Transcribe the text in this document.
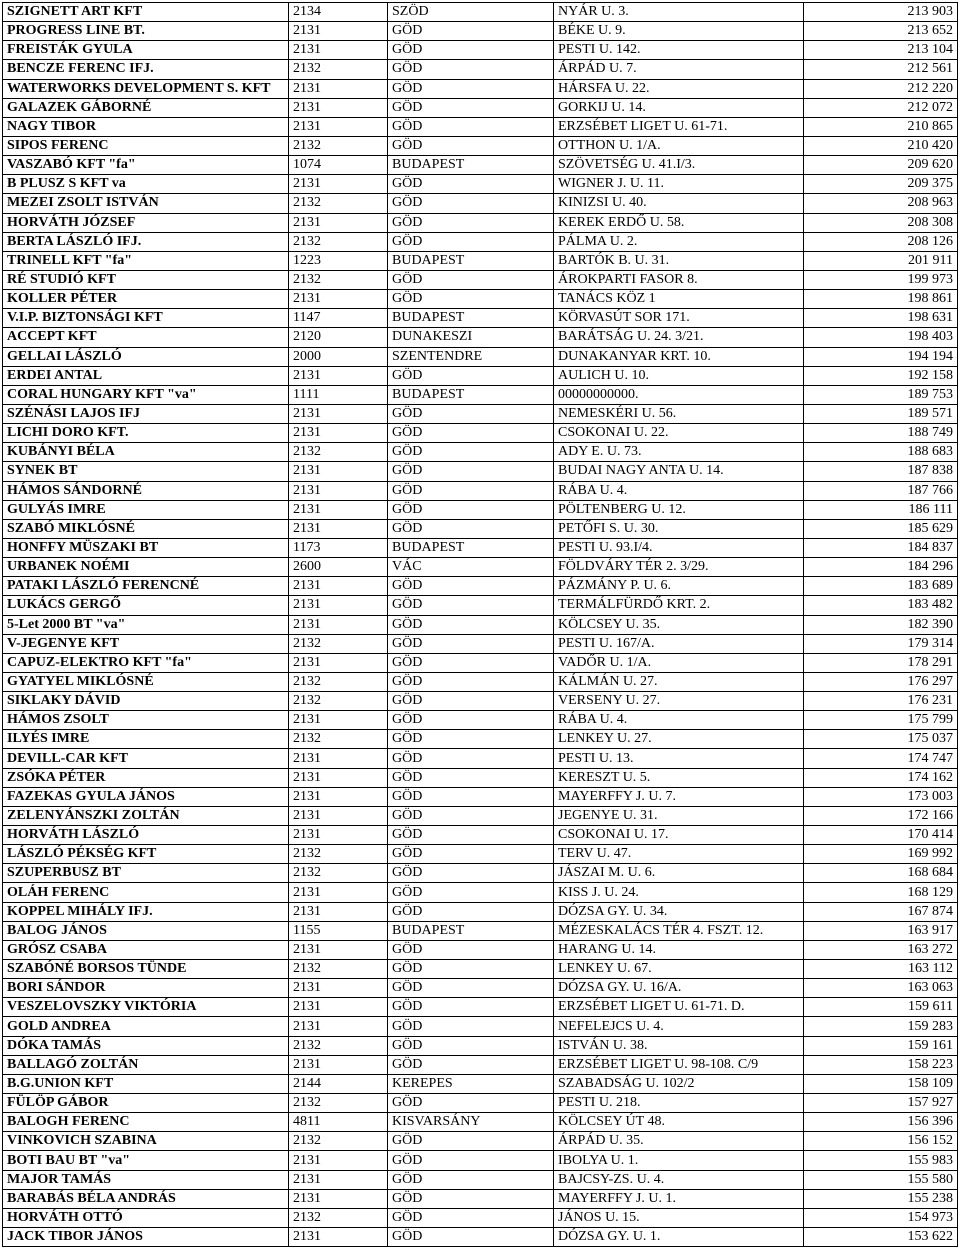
SZIGNETT ART KFT	2134	SZÖD	NYÁR U. 3.	213 903
PROGRESS LINE BT.	2131	GÖD	BÉKE U. 9.	213 652
FREISTÁK GYULA	2131	GÖD	PESTI U. 142.	213 104
BENCZE FERENC IFJ.	2132	GÖD	ÁRPÁD U. 7.	212 561
WATERWORKS DEVELOPMENT S. KFT	2131	GÖD	HÁRSFA U. 22.	212 220
GALAZEK GÁBORNÉ	2131	GÖD	GORKIJ U. 14.	212 072
NAGY TIBOR	2131	GÖD	ERZSÉBET LIGET U. 61-71.	210 865
SIPOS FERENC	2132	GÖD	OTTHON U. 1/A.	210 420
VASZABÓ KFT "fa"	1074	BUDAPEST	SZÖVETSÉG U. 41.I/3.	209 620
B PLUSZ S KFT va	2131	GÖD	WIGNER J. U. 11.	209 375
MEZEI ZSOLT ISTVÁN	2132	GÖD	KINIZSI U. 40.	208 963
HORVÁTH JÓZSEF	2131	GÖD	KEREK ERDŐ U. 58.	208 308
BERTA LÁSZLÓ IFJ.	2132	GÖD	PÁLMA U. 2.	208 126
TRINELL KFT "fa"	1223	BUDAPEST	BARTÓK B. U. 31.	201 911
RÉ STUDIÓ KFT	2132	GÖD	ÁROKPARTI FASOR 8.	199 973
KOLLER PÉTER	2131	GÖD	TANÁCS KÖZ 1	198 861
V.I.P. BIZTONSÁGI KFT	1147	BUDAPEST	KÖRVASÚT SOR 171.	198 631
ACCEPT KFT	2120	DUNAKESZI	BARÁTSÁG U. 24. 3/21.	198 403
GELLAI LÁSZLÓ	2000	SZENTENDRE	DUNAKANYAR KRT. 10.	194 194
ERDEI ANTAL	2131	GÖD	AULICH U. 10.	192 158
CORAL HUNGARY KFT "va"	1111	BUDAPEST	00000000000.	189 753
SZÉNÁSI LAJOS IFJ	2131	GÖD	NEMESKÉRI U. 56.	189 571
LICHI DORO KFT.	2131	GÖD	CSOKONAI U. 22.	188 749
KUBÁNYI BÉLA	2132	GÖD	ADY E. U. 73.	188 683
SYNEK BT	2131	GÖD	BUDAI NAGY ANTA U. 14.	187 838
HÁMOS SÁNDORNÉ	2131	GÖD	RÁBA U. 4.	187 766
GULYÁS IMRE	2131	GÖD	PÖLTENBERG U. 12.	186 111
SZABÓ MIKLÓSNÉ	2131	GÖD	PETŐFI S. U. 30.	185 629
HONFFY MÜSZAKI BT	1173	BUDAPEST	PESTI U. 93.I/4.	184 837
URBANEK NOÉMI	2600	VÁC	FÖLDVÁRY TÉR 2. 3/29.	184 296
PATAKI LÁSZLÓ FERENCNÉ	2131	GÖD	PÁZMÁNY P. U. 6.	183 689
LUKÁCS GERGŐ	2131	GÖD	TERMÁLFÜRDŐ KRT. 2.	183 482
5-Let 2000 BT "va"	2131	GÖD	KÖLCSEY U. 35.	182 390
V-JEGENYE KFT	2132	GÖD	PESTI U. 167/A.	179 314
CAPUZ-ELEKTRO KFT "fa"	2131	GÖD	VADŐR U. 1/A.	178 291
GYATYEL MIKLÓSNÉ	2132	GÖD	KÁLMÁN U. 27.	176 297
SIKLAKY DÁVID	2132	GÖD	VERSENY U. 27.	176 231
HÁMOS ZSOLT	2131	GÖD	RÁBA U. 4.	175 799
ILYÉS IMRE	2132	GÖD	LENKEY U. 27.	175 037
DEVILL-CAR KFT	2131	GÖD	PESTI U. 13.	174 747
ZSÓKA PÉTER	2131	GÖD	KERESZT U. 5.	174 162
FAZEKAS GYULA JÁNOS	2131	GÖD	MAYERFFY J. U. 7.	173 003
ZELENYÁNSZKI ZOLTÁN	2131	GÖD	JEGENYE U. 31.	172 166
HORVÁTH LÁSZLÓ	2131	GÖD	CSOKONAI U. 17.	170 414
LÁSZLÓ PÉKSÉG KFT	2132	GÖD	TERV U. 47.	169 992
SZUPERBUSZ BT	2132	GÖD	JÁSZAI M. U. 6.	168 684
OLÁH FERENC	2131	GÖD	KISS J. U. 24.	168 129
KOPPEL MIHÁLY IFJ.	2131	GÖD	DÓZSA GY. U. 34.	167 874
BALOG JÁNOS	1155	BUDAPEST	MÉZESKALÁCS TÉR 4. FSZT. 12.	163 917
GRÓSZ CSABA	2131	GÖD	HARANG U. 14.	163 272
SZABÓNÉ BORSOS TÜNDE	2132	GÖD	LENKEY U. 67.	163 112
BORI SÁNDOR	2131	GÖD	DÓZSA GY. U. 16/A.	163 063
VESZELOVSZKY VIKTÓRIA	2131	GÖD	ERZSÉBET LIGET U. 61-71. D.	159 611
GOLD ANDREA	2131	GÖD	NEFELEJCS U. 4.	159 283
DÓKA TAMÁS	2132	GÖD	ISTVÁN U. 38.	159 161
BALLAGÓ ZOLTÁN	2131	GÖD	ERZSÉBET LIGET U. 98-108. C/9	158 223
B.G.UNION KFT	2144	KEREPES	SZABADSÁG U. 102/2	158 109
FÜLÖP GÁBOR	2132	GÖD	PESTI U. 218.	157 927
BALOGH FERENC	4811	KISVARSÁNY	KÖLCSEY ÚT 48.	156 396
VINKOVICH SZABINA	2132	GÖD	ÁRPÁD U. 35.	156 152
BOTI BAU BT "va"	2131	GÖD	IBOLYA U. 1.	155 983
MAJOR TAMÁS	2131	GÖD	BAJCSY-ZS. U. 4.	155 580
BARABÁS BÉLA ANDRÁS	2131	GÖD	MAYERFFY J. U. 1.	155 238
HORVÁTH OTTÓ	2132	GÖD	JÁNOS U. 15.	154 973
JACK TIBOR JÁNOS	2131	GÖD	DÓZSA GY. U. 1.	153 622
